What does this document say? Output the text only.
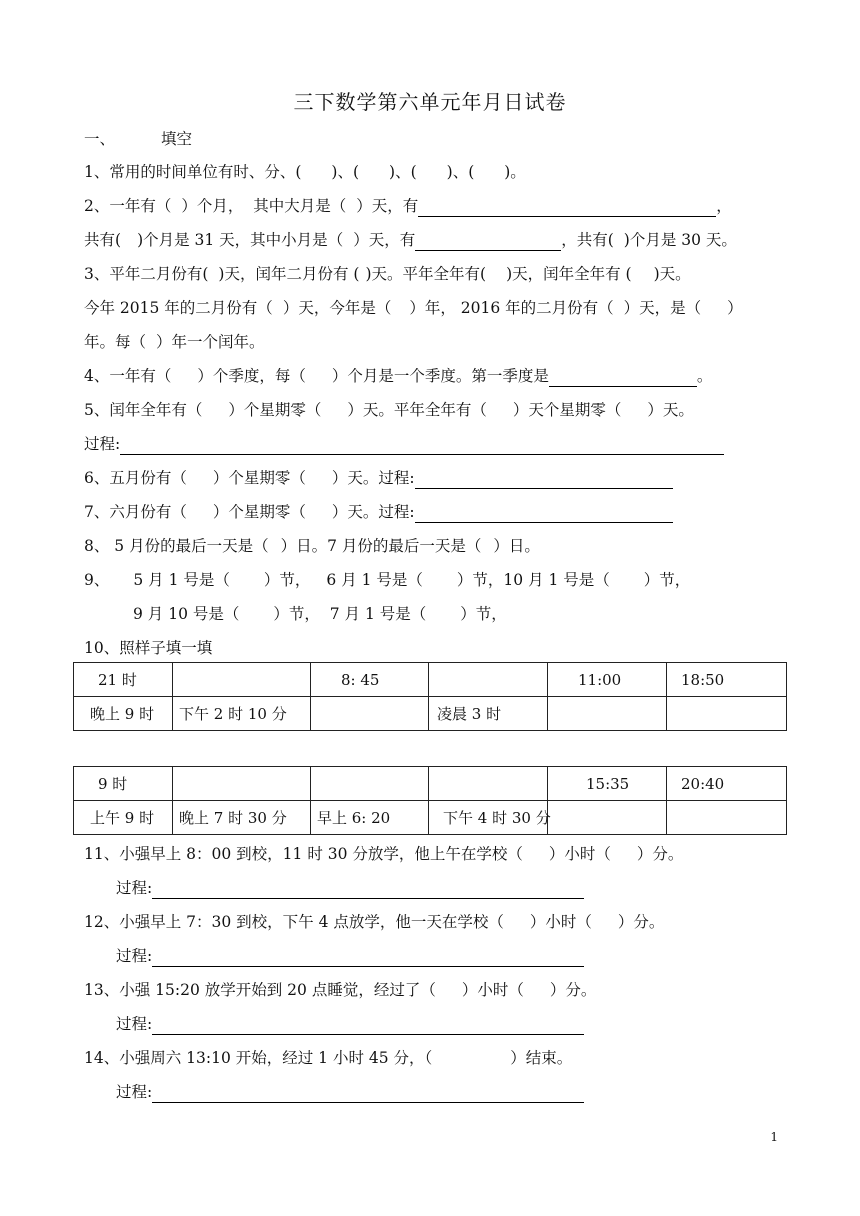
三下数学第六单元年月日试卷
一、	填空
1、常用的时间单位有时、分、( )、( )、( )、( )。
2、一年有（ ）个月，  其中大月是（ ）天，有	，
共有( )个月是 31 天，其中小月是（ ）天，有	，共有( )个月是 30 天。
3、平年二月份有( )天，闰年二月份有 ( )天。平年全年有( )天，闰年全年有 ( )天。
今年 2015 年的二月份有（ ）天，今年是（ ）年， 2016 年的二月份有（ ）天，是（ ）
年。每（ ）年一个闰年。
4、一年有（ ）个季度，每（ ）个月是一个季度。第一季度是	。
5、闰年全年有（ ）个星期零（ ）天。平年全年有（ ）天个星期零（ ）天。
过程:
6、五月份有（ ）个星期零（ ）天。过程:
7、六月份有（ ）个星期零（ ）天。过程:
8、 5 月份的最后一天是（ ）日。7 月份的最后一天是（ ）日。
9、 5 月 1 号是（ ）节， 6 月 1 号是（ ）节，10 月 1 号是（ ）节，
9 月 10 号是（ ）节，  7 月 1 号是（ ）节，
10、照样子填一填
21 时		8: 45		11:00	18:50
晚上 9 时	下午 2 时 10 分		凌晨 3 时		
9 时				15:35	20:40
上午 9 时	晚上 7 时 30 分	早上 6: 20	下午 4 时 30 分		
11、小强早上 8：00 到校，11 时 30 分放学，他上午在学校（ ）小时（ ）分。
过程:
12、小强早上 7：30 到校，下午 4 点放学，他一天在学校（ ）小时（ ）分。
过程:
13、小强 15:20 放学开始到 20 点睡觉，经过了（ ）小时（ ）分。
过程:
14、小强周六 13:10 开始，经过 1 小时 45 分，（	）结束。
过程:
1
